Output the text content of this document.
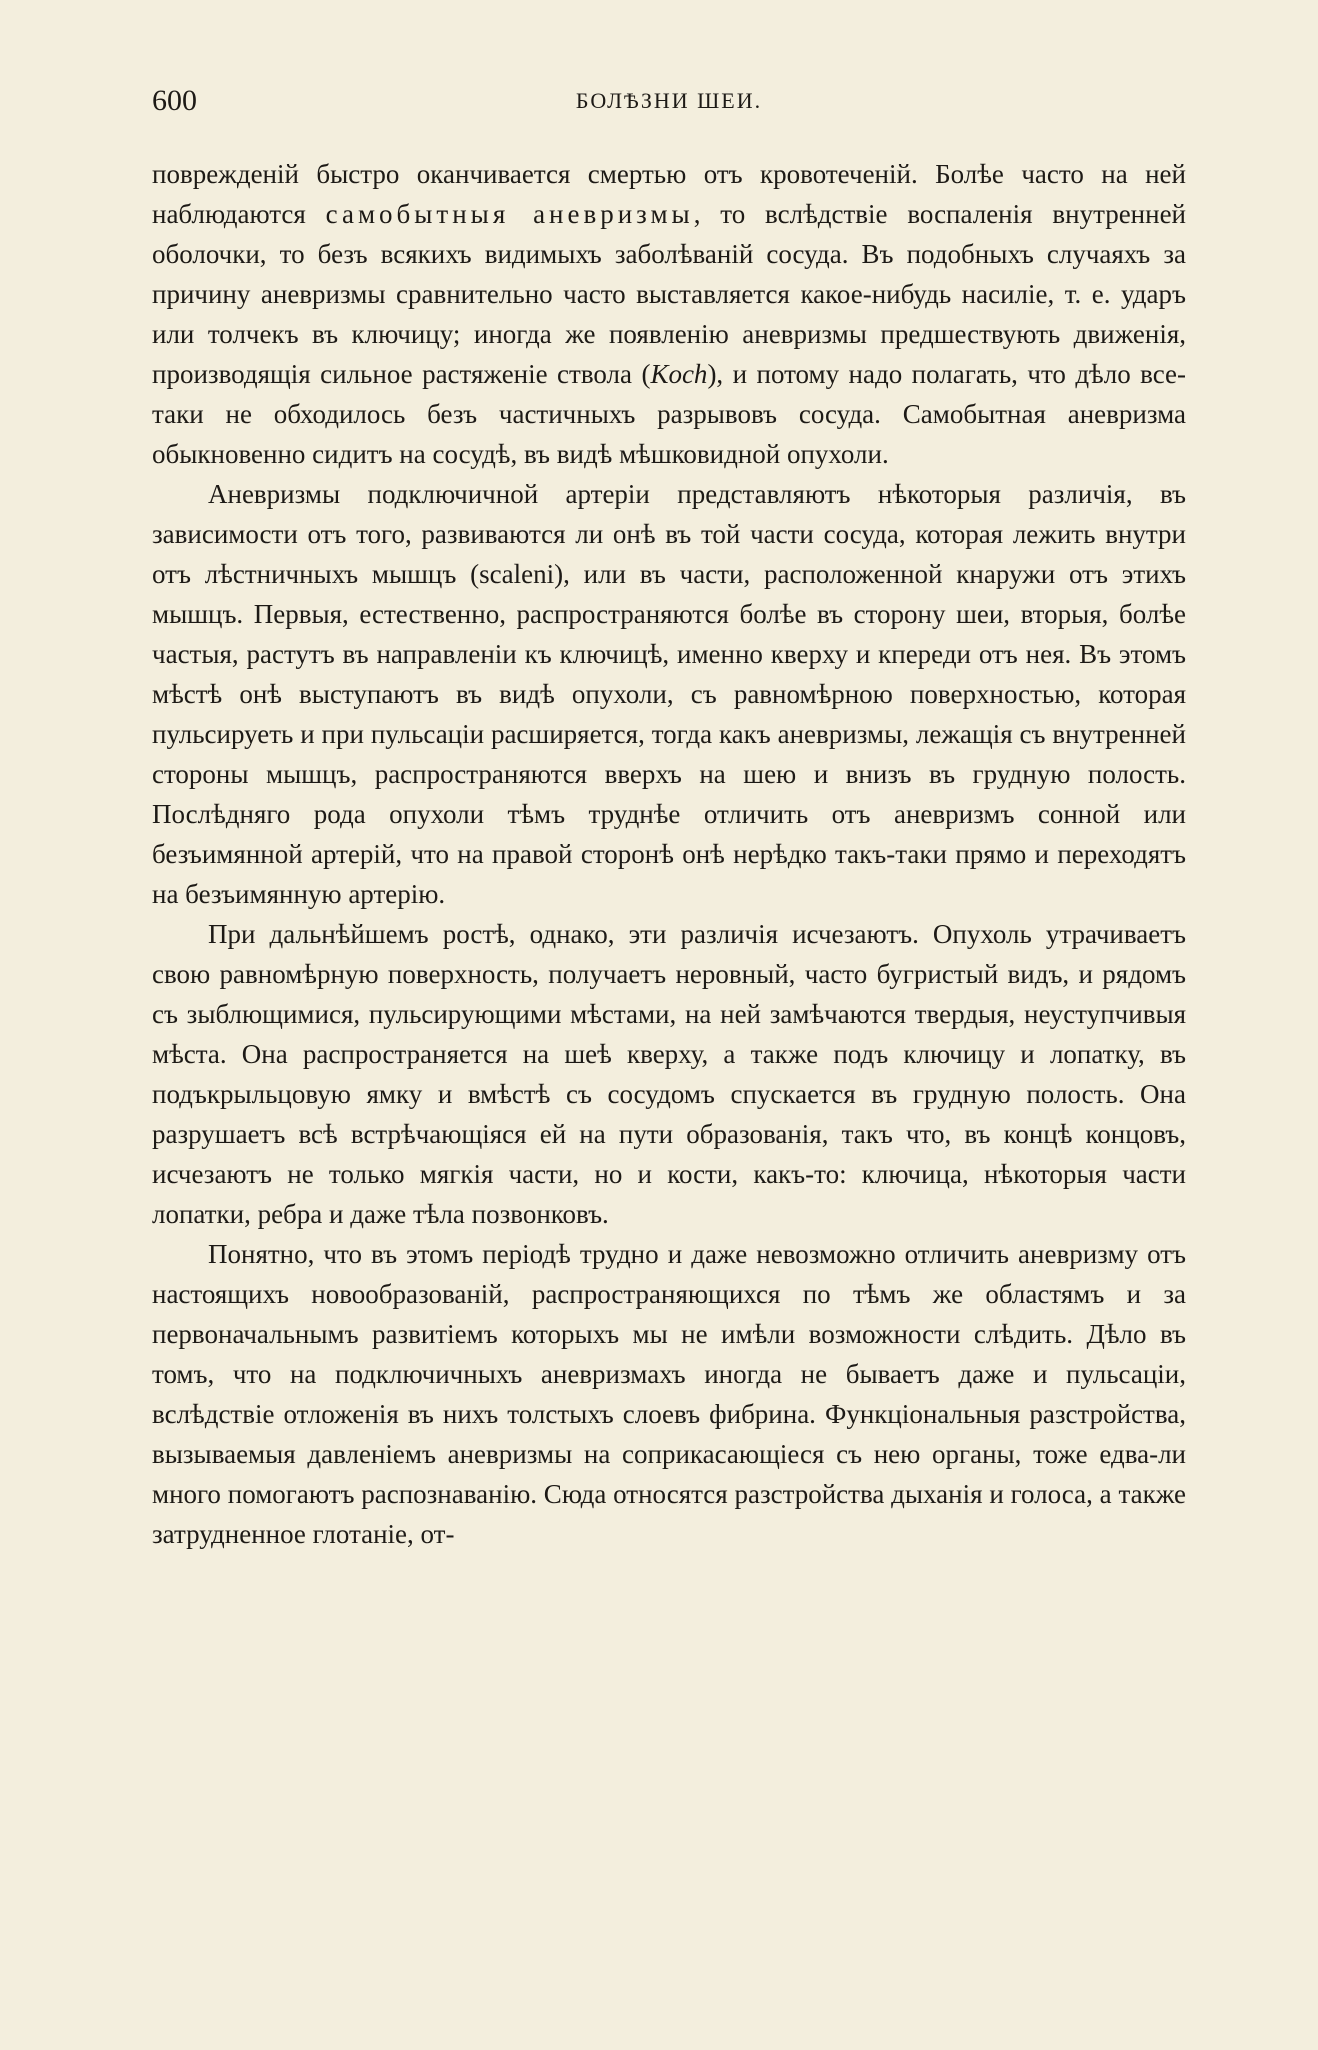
600	БОЛѢЗНИ ШЕИ.

поврежденій быстро оканчивается смертью отъ кровотеченій. Болѣе часто на ней наблюдаются самобытныя аневризмы, то вслѣдствіе воспаленія внутренней оболочки, то безъ всякихъ видимыхъ заболѣваній сосуда. Въ подобныхъ случаяхъ за причину аневризмы сравнительно часто выставляется какое-нибудь насиліе, т. е. ударъ или толчекъ въ ключицу; иногда же появленію аневризмы предшествують движенія, производящія сильное растяженіе ствола (Koch), и потому надо полагать, что дѣло все-таки не обходилось безъ частичныхъ разрывовъ сосуда. Самобытная аневризма обыкновенно сидитъ на сосудѣ, въ видѣ мѣшковидной опухоли.

Аневризмы подключичной артеріи представляютъ нѣкоторыя различія, въ зависимости отъ того, развиваются ли онѣ въ той части сосуда, которая лежить внутри отъ лѣстничныхъ мышцъ (scaleni), или въ части, расположенной кнаружи отъ этихъ мышцъ. Первыя, естественно, распространяются болѣе въ сторону шеи, вторыя, болѣе частыя, растутъ въ направленіи къ ключицѣ, именно кверху и кпереди отъ нея. Въ этомъ мѣстѣ онѣ выступаютъ въ видѣ опухоли, съ равномѣрною поверхностью, которая пульсируеть и при пульсаціи расширяется, тогда какъ аневризмы, лежащія съ внутренней стороны мышцъ, распространяются вверхъ на шею и внизъ въ грудную полость. Послѣдняго рода опухоли тѣмъ труднѣе отличить отъ аневризмъ сонной или безъимянной артерій, что на правой сторонѣ онѣ нерѣдко такъ-таки прямо и переходятъ на безъимянную артерію.

При дальнѣйшемъ ростѣ, однако, эти различія исчезаютъ. Опухоль утрачиваетъ свою равномѣрную поверхность, получаетъ неровный, часто бугристый видъ, и рядомъ съ зыблющимися, пульсирующими мѣстами, на ней замѣчаются твердыя, неуступчивыя мѣста. Она распространяется на шеѣ кверху, а также подъ ключицу и лопатку, въ подъкрыльцовую ямку и вмѣстѣ съ сосудомъ спускается въ грудную полость. Она разрушаетъ всѣ встрѣчающіяся ей на пути образованія, такъ что, въ концѣ концовъ, исчезаютъ не только мягкія части, но и кости, какъ-то: ключица, нѣкоторыя части лопатки, ребра и даже тѣла позвонковъ.

Понятно, что въ этомъ періодѣ трудно и даже невозможно отличить аневризму отъ настоящихъ новообразованій, распространяющихся по тѣмъ же областямъ и за первоначальнымъ развитіемъ которыхъ мы не имѣли возможности слѣдить. Дѣло въ томъ, что на подключичныхъ аневризмахъ иногда не бываетъ даже и пульсаціи, вслѣдствіе отложенія въ нихъ толстыхъ слоевъ фибрина. Функціональныя разстройства, вызываемыя давленіемъ аневризмы на соприкасающіеся съ нею органы, тоже едва-ли много помогаютъ распознаванію. Сюда относятся разстройства дыханія и голоса, а также затрудненное глотаніе, от-
